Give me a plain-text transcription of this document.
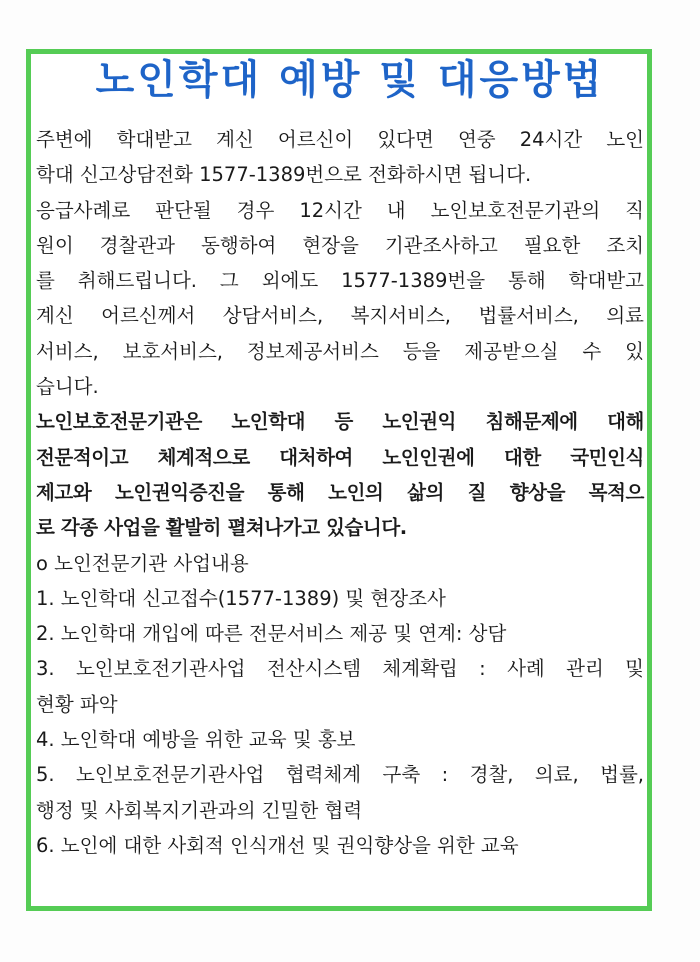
노인학대 예방 및 대응방법
주변에 학대받고 계신 어르신이 있다면 연중 24시간 노인
학대 신고상담전화 1577-1389번으로 전화하시면 됩니다.
응급사례로 판단될 경우 12시간 내 노인보호전문기관의 직
원이 경찰관과 동행하여 현장을 기관조사하고 필요한 조치
를 취해드립니다. 그 외에도 1577-1389번을 통해 학대받고
계신 어르신께서 상담서비스, 복지서비스, 법률서비스, 의료
서비스, 보호서비스, 정보제공서비스 등을 제공받으실 수 있
습니다.
노인보호전문기관은 노인학대 등 노인권익 침해문제에 대해
전문적이고 체계적으로 대처하여 노인인권에 대한 국민인식
제고와 노인권익증진을 통해 노인의 삶의 질 향상을 목적으
로 각종 사업을 활발히 펼쳐나가고 있습니다.
o 노인전문기관 사업내용
1. 노인학대 신고접수(1577-1389) 및 현장조사
2. 노인학대 개입에 따른 전문서비스 제공 및 연계: 상담
3. 노인보호전기관사업 전산시스템 체계확립 : 사례 관리 및
현황 파악
4. 노인학대 예방을 위한 교육 및 홍보
5. 노인보호전문기관사업 협력체계 구축 : 경찰, 의료, 법률,
행정 및 사회복지기관과의 긴밀한 협력
6. 노인에 대한 사회적 인식개선 및 권익향상을 위한 교육
